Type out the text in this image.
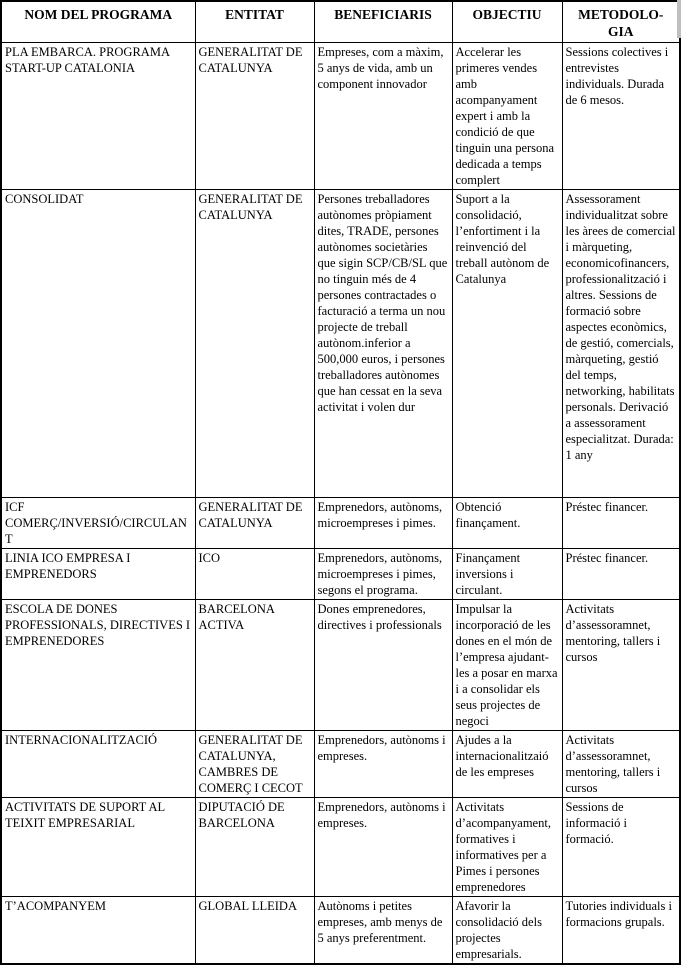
NOM DEL PROGRAMA	ENTITAT	BENEFICIARIS	OBJECTIU	METODOLO-GIA
PLA EMBARCA. PROGRAMA START-UP CATALONIA	GENERALITAT DE CATALUNYA	Empreses, com a màxim, 5 anys de vida, amb un component innovador	Accelerar les primeres vendes amb acompanyament expert i amb la condició de que tinguin una persona dedicada a temps complert	Sessions colectives i entrevistes individuals. Durada de 6 mesos.
CONSOLIDAT	GENERALITAT DE CATALUNYA	Persones treballadores autònomes pròpiament dites, TRADE, persones autònomes societàries que sigin SCP/CB/SL que no tinguin més de 4 persones contractades o facturació a terma un nou projecte de treball autònom.inferior a 500,000 euros, i persones treballadores autònomes que han cessat en la seva activitat i volen dur	Suport a la consolidació, l’enfortiment i la reinvenció del treball autònom de Catalunya	Assessorament individualitzat sobre les àrees de comercial i màrqueting, economicofinancers, professionalització i altres. Sessions de formació sobre aspectes econòmics, de gestió, comercials, màrqueting, gestió del temps, networking, habilitats personals. Derivació a assessorament especialitzat. Durada: 1 any
ICF COMERÇ/INVERSIÓ/CIRCULANT	GENERALITAT DE CATALUNYA	Emprenedors, autònoms, microempreses i pimes.	Obtenció finançament.	Préstec financer.
LINIA ICO EMPRESA I EMPRENEDORS	ICO	Emprenedors, autònoms, microempreses i pimes, segons el programa.	Finançament inversions i circulant.	Préstec financer.
ESCOLA DE DONES PROFESSIONALS, DIRECTIVES I EMPRENEDORES	BARCELONA ACTIVA	Dones emprenedores, directives i professionals	Impulsar la incorporació de les dones en el món de l’empresa ajudant-les a posar en marxa i a consolidar els seus projectes de negoci	Activitats d’assessoramnet, mentoring, tallers i cursos
INTERNACIONALITZACIÓ	GENERALITAT DE CATALUNYA, CAMBRES DE COMERÇ I CECOT	Emprenedors, autònoms i empreses.	Ajudes a la internacionalitzaió de les empreses	Activitats d’assessoramnet, mentoring, tallers i cursos
ACTIVITATS DE SUPORT AL TEIXIT EMPRESARIAL	DIPUTACIÓ DE BARCELONA	Emprenedors, autònoms i empreses.	Activitats d’acompanyament, formatives i informatives per a Pimes i persones emprenedores	Sessions de informació i formació.
T’ACOMPANYEM	GLOBAL LLEIDA	Autònoms i petites empreses, amb menys de 5 anys preferentment.	Afavorir la consolidació dels projectes empresarials.	Tutories individuals i formacions grupals.
